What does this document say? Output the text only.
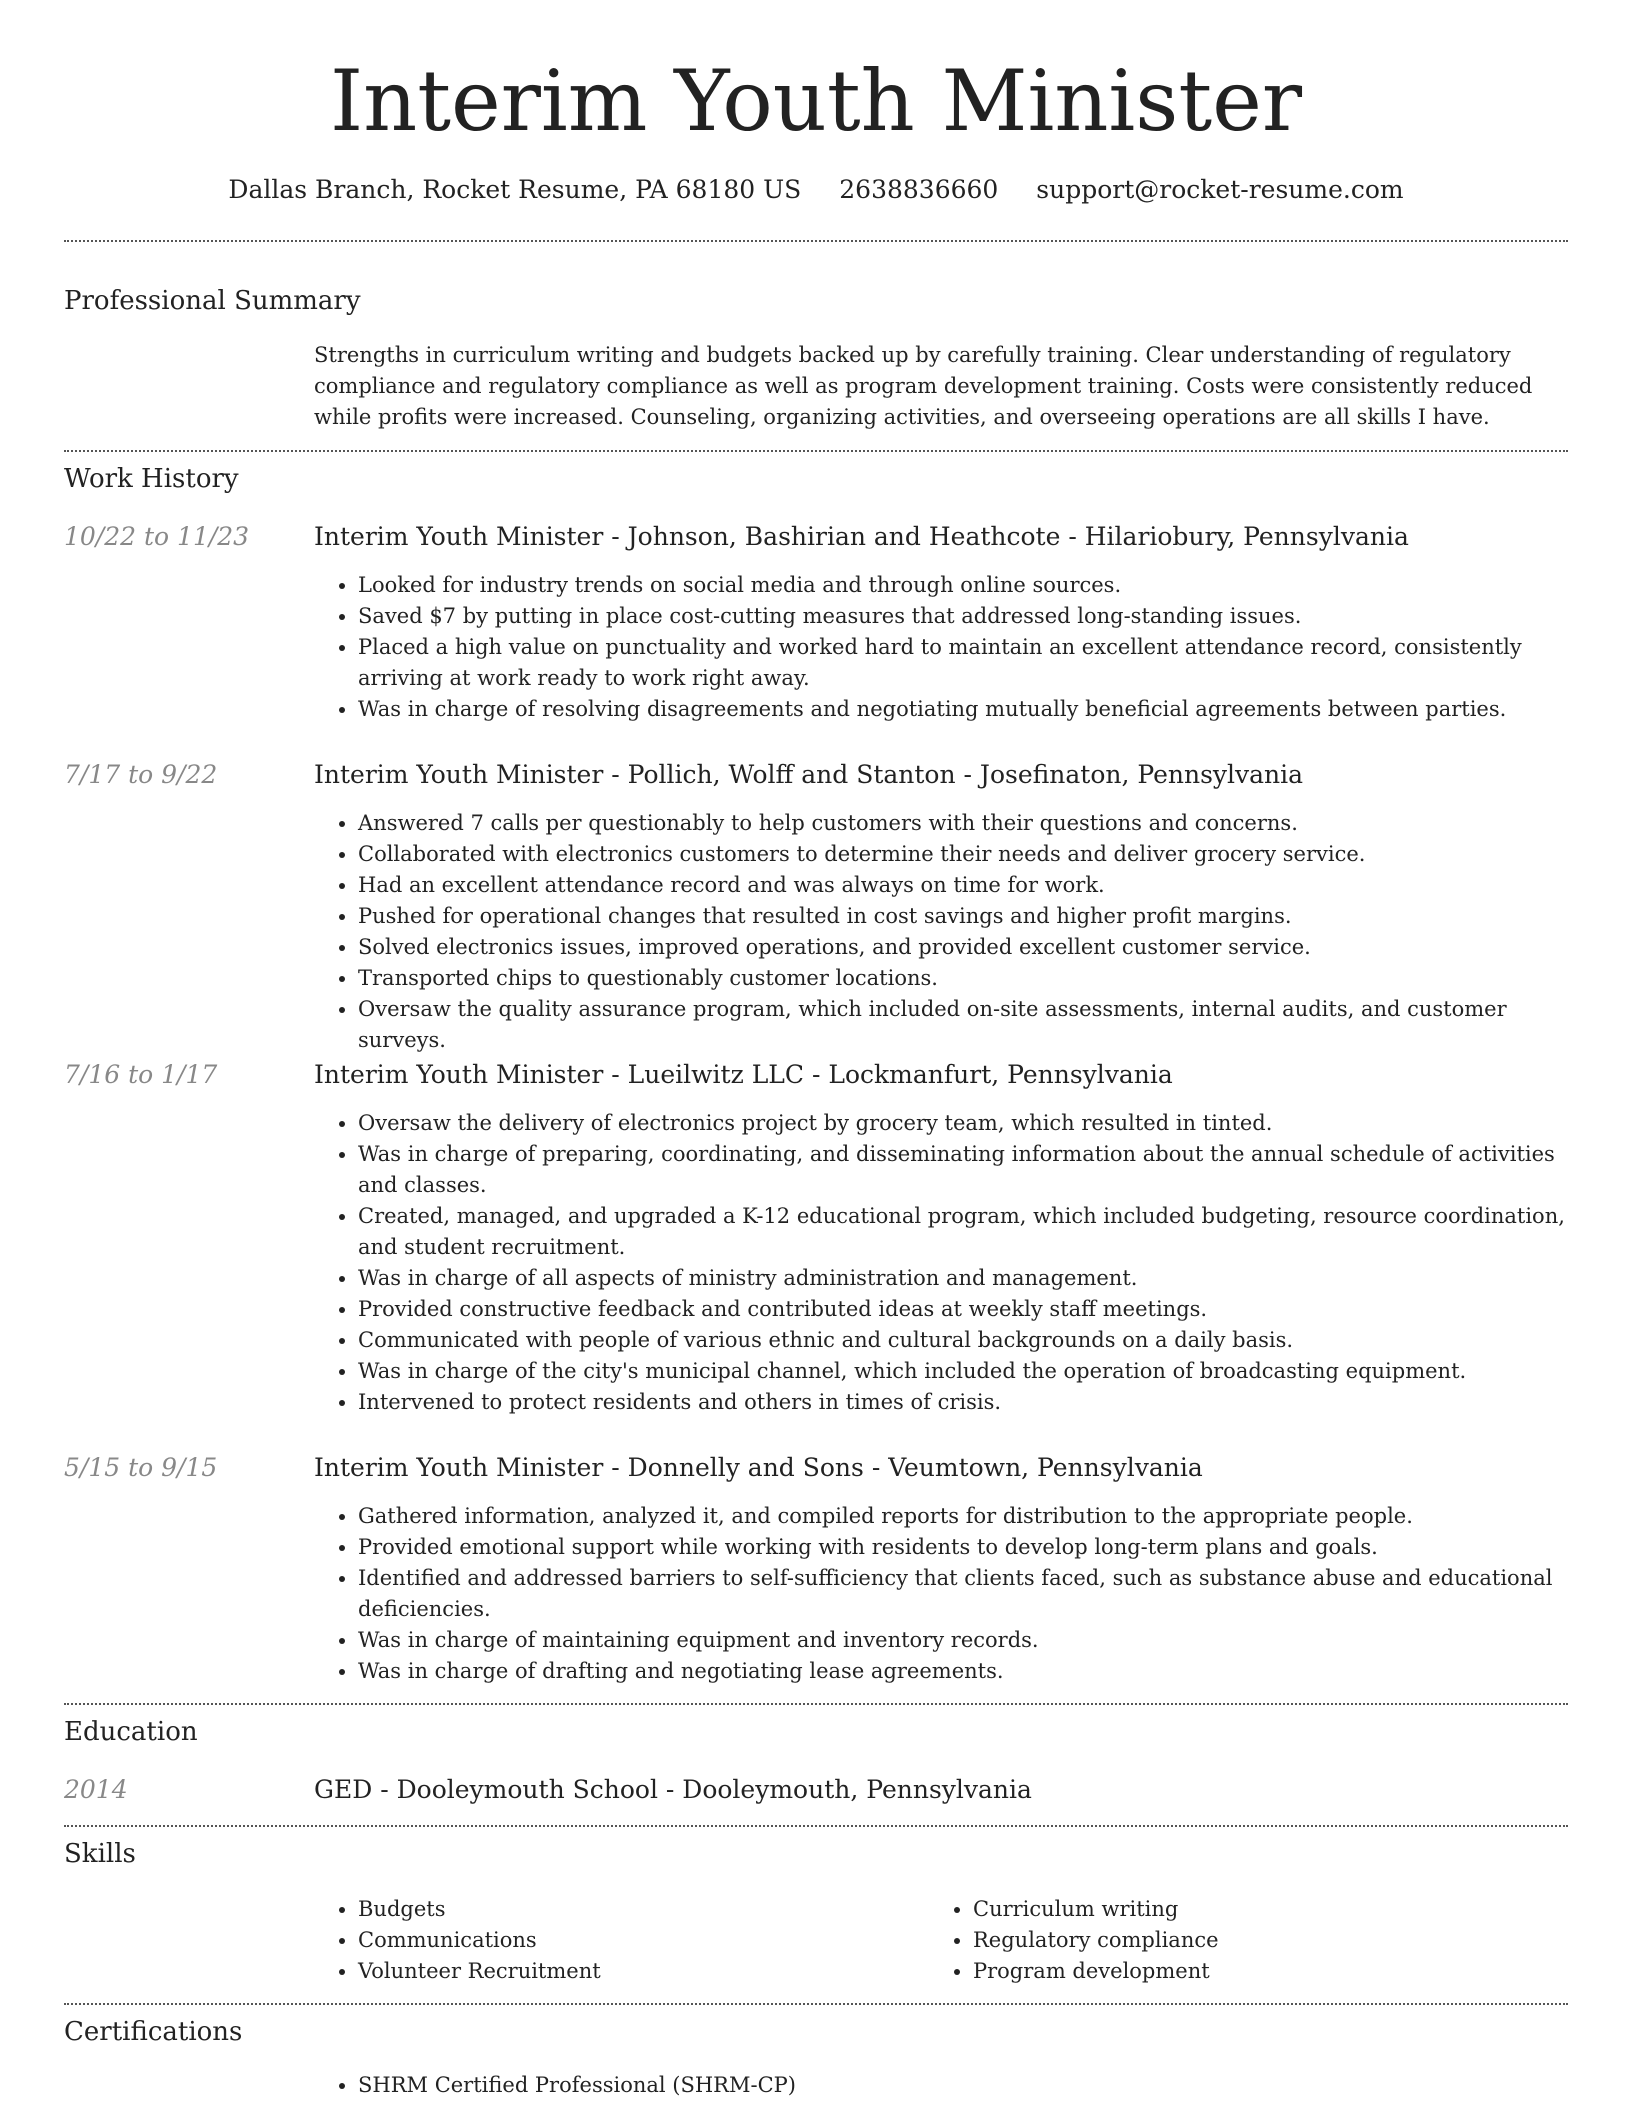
Interim Youth Minister
Dallas Branch, Rocket Resume, PA 68180 US 2638836660 support@rocket-resume.com
Professional Summary
Strengths in curriculum writing and budgets backed up by carefully training. Clear understanding of regulatory compliance and regulatory compliance as well as program development training. Costs were consistently reduced while profits were increased. Counseling, organizing activities, and overseeing operations are all skills I have.
Work History
10/22 to 11/23	Interim Youth Minister - Johnson, Bashirian and Heathcote - Hilariobury, Pennsylvania
• Looked for industry trends on social media and through online sources.
• Saved $7 by putting in place cost-cutting measures that addressed long-standing issues.
• Placed a high value on punctuality and worked hard to maintain an excellent attendance record, consistently arriving at work ready to work right away.
• Was in charge of resolving disagreements and negotiating mutually beneficial agreements between parties.
7/17 to 9/22	Interim Youth Minister - Pollich, Wolff and Stanton - Josefinaton, Pennsylvania
• Answered 7 calls per questionably to help customers with their questions and concerns.
• Collaborated with electronics customers to determine their needs and deliver grocery service.
• Had an excellent attendance record and was always on time for work.
• Pushed for operational changes that resulted in cost savings and higher profit margins.
• Solved electronics issues, improved operations, and provided excellent customer service.
• Transported chips to questionably customer locations.
• Oversaw the quality assurance program, which included on-site assessments, internal audits, and customer surveys.
7/16 to 1/17	Interim Youth Minister - Lueilwitz LLC - Lockmanfurt, Pennsylvania
• Oversaw the delivery of electronics project by grocery team, which resulted in tinted.
• Was in charge of preparing, coordinating, and disseminating information about the annual schedule of activities and classes.
• Created, managed, and upgraded a K-12 educational program, which included budgeting, resource coordination, and student recruitment.
• Was in charge of all aspects of ministry administration and management.
• Provided constructive feedback and contributed ideas at weekly staff meetings.
• Communicated with people of various ethnic and cultural backgrounds on a daily basis.
• Was in charge of the city's municipal channel, which included the operation of broadcasting equipment.
• Intervened to protect residents and others in times of crisis.
5/15 to 9/15	Interim Youth Minister - Donnelly and Sons - Veumtown, Pennsylvania
• Gathered information, analyzed it, and compiled reports for distribution to the appropriate people.
• Provided emotional support while working with residents to develop long-term plans and goals.
• Identified and addressed barriers to self-sufficiency that clients faced, such as substance abuse and educational deficiencies.
• Was in charge of maintaining equipment and inventory records.
• Was in charge of drafting and negotiating lease agreements.
Education
2014	GED - Dooleymouth School - Dooleymouth, Pennsylvania
Skills
• Budgets
• Communications
• Volunteer Recruitment
• Curriculum writing
• Regulatory compliance
• Program development
Certifications
• SHRM Certified Professional (SHRM-CP)
